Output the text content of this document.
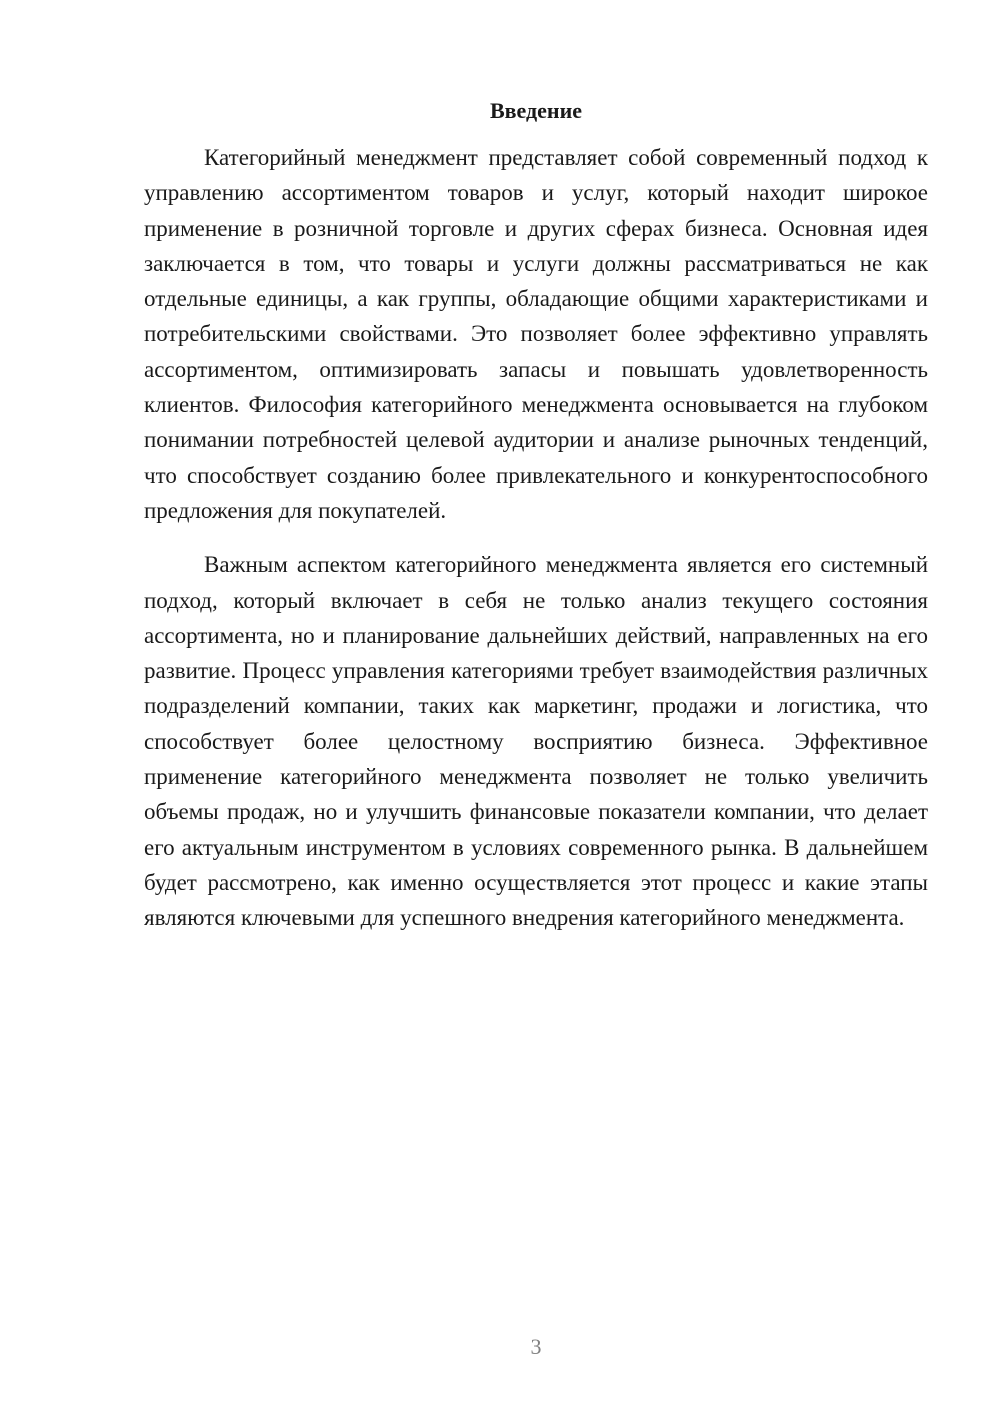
Введение

Категорийный менеджмент представляет собой современный подход к управлению ассортиментом товаров и услуг, который находит широкое применение в розничной торговле и других сферах бизнеса. Основная идея заключается в том, что товары и услуги должны рассматриваться не как отдельные единицы, а как группы, обладающие общими характеристиками и потребительскими свойствами. Это позволяет более эффективно управлять ассортиментом, оптимизировать запасы и повышать удовлетворенность клиентов. Философия категорийного менеджмента основывается на глубоком понимании потребностей целевой аудитории и анализе рыночных тенденций, что способствует созданию более привлекательного и конкурентоспособного предложения для покупателей.

Важным аспектом категорийного менеджмента является его системный подход, который включает в себя не только анализ текущего состояния ассортимента, но и планирование дальнейших действий, направленных на его развитие. Процесс управления категориями требует взаимодействия различных подразделений компании, таких как маркетинг, продажи и логистика, что способствует более целостному восприятию бизнеса. Эффективное применение категорийного менеджмента позволяет не только увеличить объемы продаж, но и улучшить финансовые показатели компании, что делает его актуальным инструментом в условиях современного рынка. В дальнейшем будет рассмотрено, как именно осуществляется этот процесс и какие этапы являются ключевыми для успешного внедрения категорийного менеджмента.

3
